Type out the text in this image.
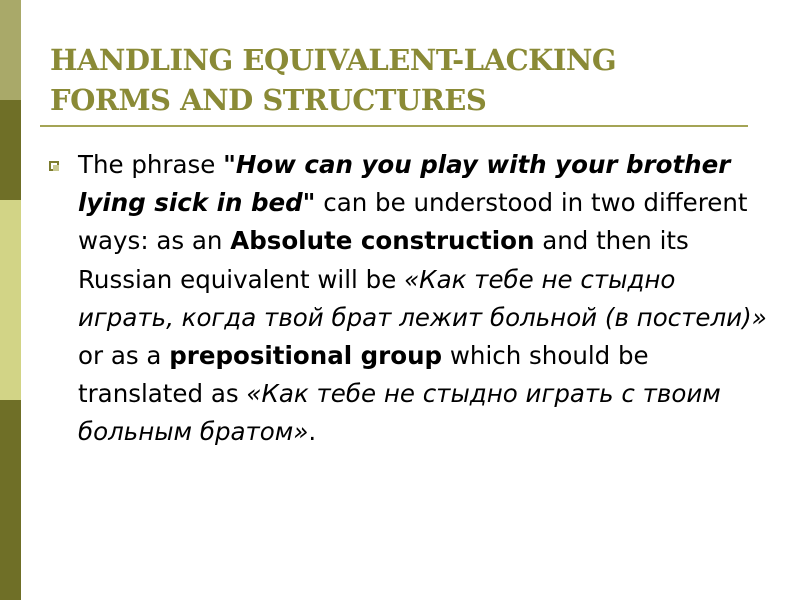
HANDLING EQUIVALENT-LACKING
FORMS AND STRUCTURES

The phrase "How can you play with your brother lying sick in bed" can be understood in two different ways: as an Absolute construction and then its Russian equivalent will be «Как тебе не стыдно играть, когда твой брат лежит больной (в постели)» or as a prepositional group which should be translated as «Как тебе не стыдно играть с твоим больным братом».
